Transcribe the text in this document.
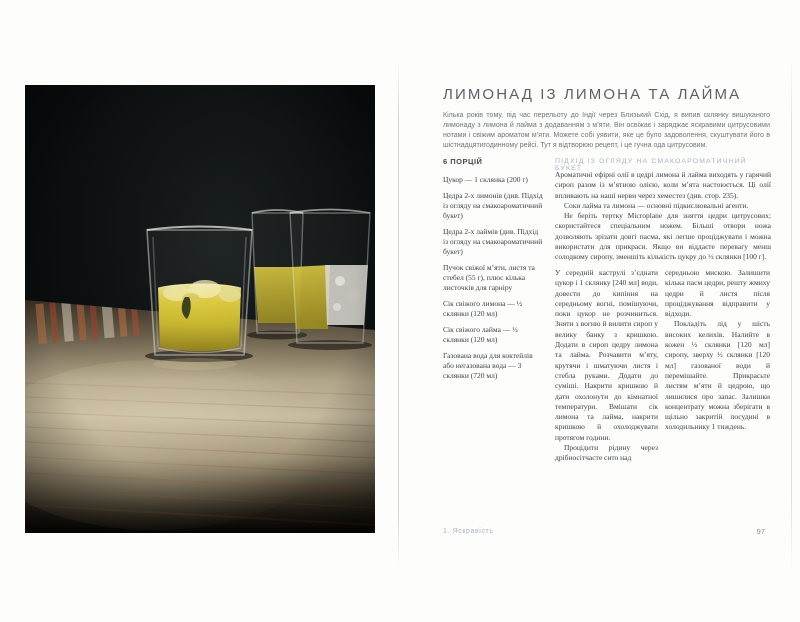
ЛИМОНАД ІЗ ЛИМОНА ТА ЛАЙМА

Кілька років тому, під час перельоту до Індії через Близький Схід, я випив склянку вишуканого лимонаду з лимона й лайма з додаванням з м’яти. Він освіжає і заряджає яскравими цитрусовими нотами і свіжим ароматом м’яти. Можете собі уявити, яке це було задоволення, скуштувати його в шістнадцятигодинному рейсі. Тут я відтворюю рецепт, і це гучна ода цитрусовим.

6 ПОРЦІЙ

Цукор — 1 склянка (200 г)

Цедра 2-х лимонів (див. Підхід із огляду на смакоароматичний букет)

Цедра 2-х лаймів (див. Підхід із огляду на смакоароматичний букет)

Пучок свіжої м’яти, листя та стебел (55 г), плюс кілька листочків для гарніру

Сік свіжого лимона — ½ склянки (120 мл)

Сік свіжого лайма — ½ склянки (120 мл)

Газована вода для коктейлів або негазована вода — 3 склянки (720 мл)

ПІДХІД ІЗ ОГЛЯДУ НА СМАКОАРОМАТИЧНИЙ БУКЕТ

Ароматичні ефірні олії в цедрі лимона й лайма виходять у гарячий сироп разом із м’ятною олією, коли м’ята настоюється. Ці олії впливають на наші нерви через хеместез (див. стор. 235).

Соки лайма та лимона — основні підкислювальні агенти.

Не беріть тертку Microplane для зняття цедри цитрусових; скористайтеся спеціальним ножем. Більші отвори ножа дозволяють зрізати довгі пасма, які легше проціджувати і можна використати для прикраси. Якщо ви віддаєте перевагу менш солодкому сиропу, зменшіть кількість цукру до ½ склянки [100 г].

У середній каструлі з’єднати цукор і 1 склянку [240 мл] води, довести до кипіння на середньому вогні, помішуючи, поки цукор не розчиниться. Зняти з вогню й вилити сироп у велику банку з кришкою. Додати в сироп цедру лимона та лайма. Розчавити м’яту, крутячи і шматуючи листя і стебла руками. Додати до суміші. Накрити кришкою й дати охолонути до кімнатної температури. Вмішати сік лимона та лайма, накрити кришкою й охолоджувати протягом години.

Процідити рідину через дрібносітчасте сито над

середньою мискою. Залишити кілька пасм цедри, решту жмиху цедри й листя після проціджування відправити у відходи.

Покладіть лід у шість високих келихів. Налийте в кожен ½ склянки [120 мл] сиропу, зверху ½ склянки [120 мл] газованої води й перемішайте. Прикрасьте листям м’яти й цедрою, що лишилися про запас. Залишки концентрату можна зберігати в щільно закритій посудині в холодильнику 1 тиждень.

1. Яскравість	97
